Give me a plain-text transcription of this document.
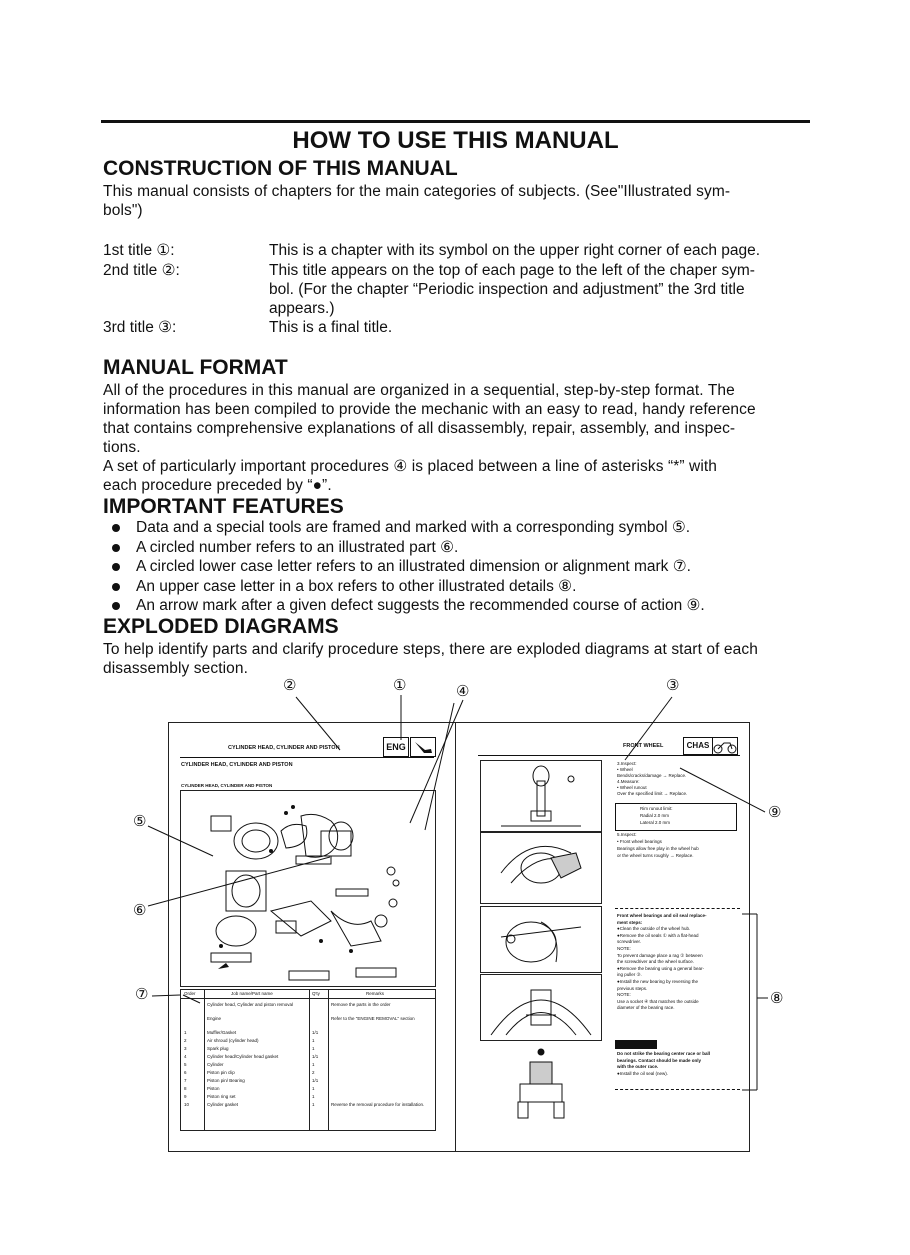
HOW TO USE THIS MANUAL
CONSTRUCTION OF THIS MANUAL
This manual consists of chapters for the main categories of subjects. (See"Illustrated sym-
bols")
1st title ①:	This is a chapter with its symbol on the upper right corner of each page.
2nd title ②:	This title appears on the top of each page to the left of the chaper sym-
bol. (For the chapter “Periodic inspection and adjustment” the 3rd title
appears.)
3rd title ③:	This is a final title.
MANUAL FORMAT
All of the procedures in this manual are organized in a sequential, step-by-step format. The
information has been compiled to provide the mechanic with an easy to read, handy reference
that contains comprehensive explanations of all disassembly, repair, assembly, and inspec-
tions.
A set of particularly important procedures ④ is placed between a line of asterisks “*” with
each procedure preceded by “●”.
IMPORTANT FEATURES
Data and a special tools are framed and marked with a corresponding symbol ⑤.
A circled number refers to an illustrated part ⑥.
A circled lower case letter refers to an illustrated dimension or alignment mark ⑦.
An upper case letter in a box refers to other illustrated details ⑧.
An arrow mark after a given defect suggests the recommended course of action ⑨.
EXPLODED DIAGRAMS
To help identify parts and clarify procedure steps, there are exploded diagrams at start of each
disassembly section.
CYLINDER HEAD, CYLINDER AND PISTON	ENG
CYLINDER HEAD, CYLINDER AND PISTON
CYLINDER HEAD, CYLINDER AND PISTON
Order	Job name/Part name	Q'ty	Remarks
Cylinder head, Cylinder and piston removal	Remove the parts in the order
Engine	Refer to the "ENGINE REMOVAL" section
1	Muffler/Gasket	1/1
2	Air shroud (cylinder head)	1
3	Spark plug	1
4	Cylinder head/Cylinder head gasket	1/1
5	Cylinder	1
6	Piston pin clip	2
7	Piston pin/ Bearing	1/1
8	Piston	1
9	Piston ring set	1
10	Cylinder gasket	1	Reverse the removal procedure for installation.
FRONT WHEEL	CHAS
3.Inspect:
• Wheel
Bends/cracks/damage → Replace.
4.Measure:
• Wheel runout
Over the specified limit → Replace.
Rim runout limit:
Radial 2.0 mm
Lateral 2.0 mm
5.Inspect:
• Front wheel bearings
Bearings allow free play in the wheel hub
or the wheel turns roughly → Replace.
Front wheel bearings and oil seal replace-
ment steps:
●Clean the outside of the wheel hub.
●Remove the oil seals ① with a flat-head
screwdriver.
NOTE:
To prevent damage place a rag ② between
the screwdriver and the wheel surface.
●Remove the bearing using a general bear-
ing puller ③.
●Install the new bearing by reversing the
previous steps.
NOTE:
Use a socket ④ that matches the outside
diameter of the bearing race.
Do not strike the bearing center race or ball
bearings. Contact should be made only
with the outer race.
●Install the oil seal (new).
②	①	④	③
⑤
⑥
⑦
⑨
⑧
